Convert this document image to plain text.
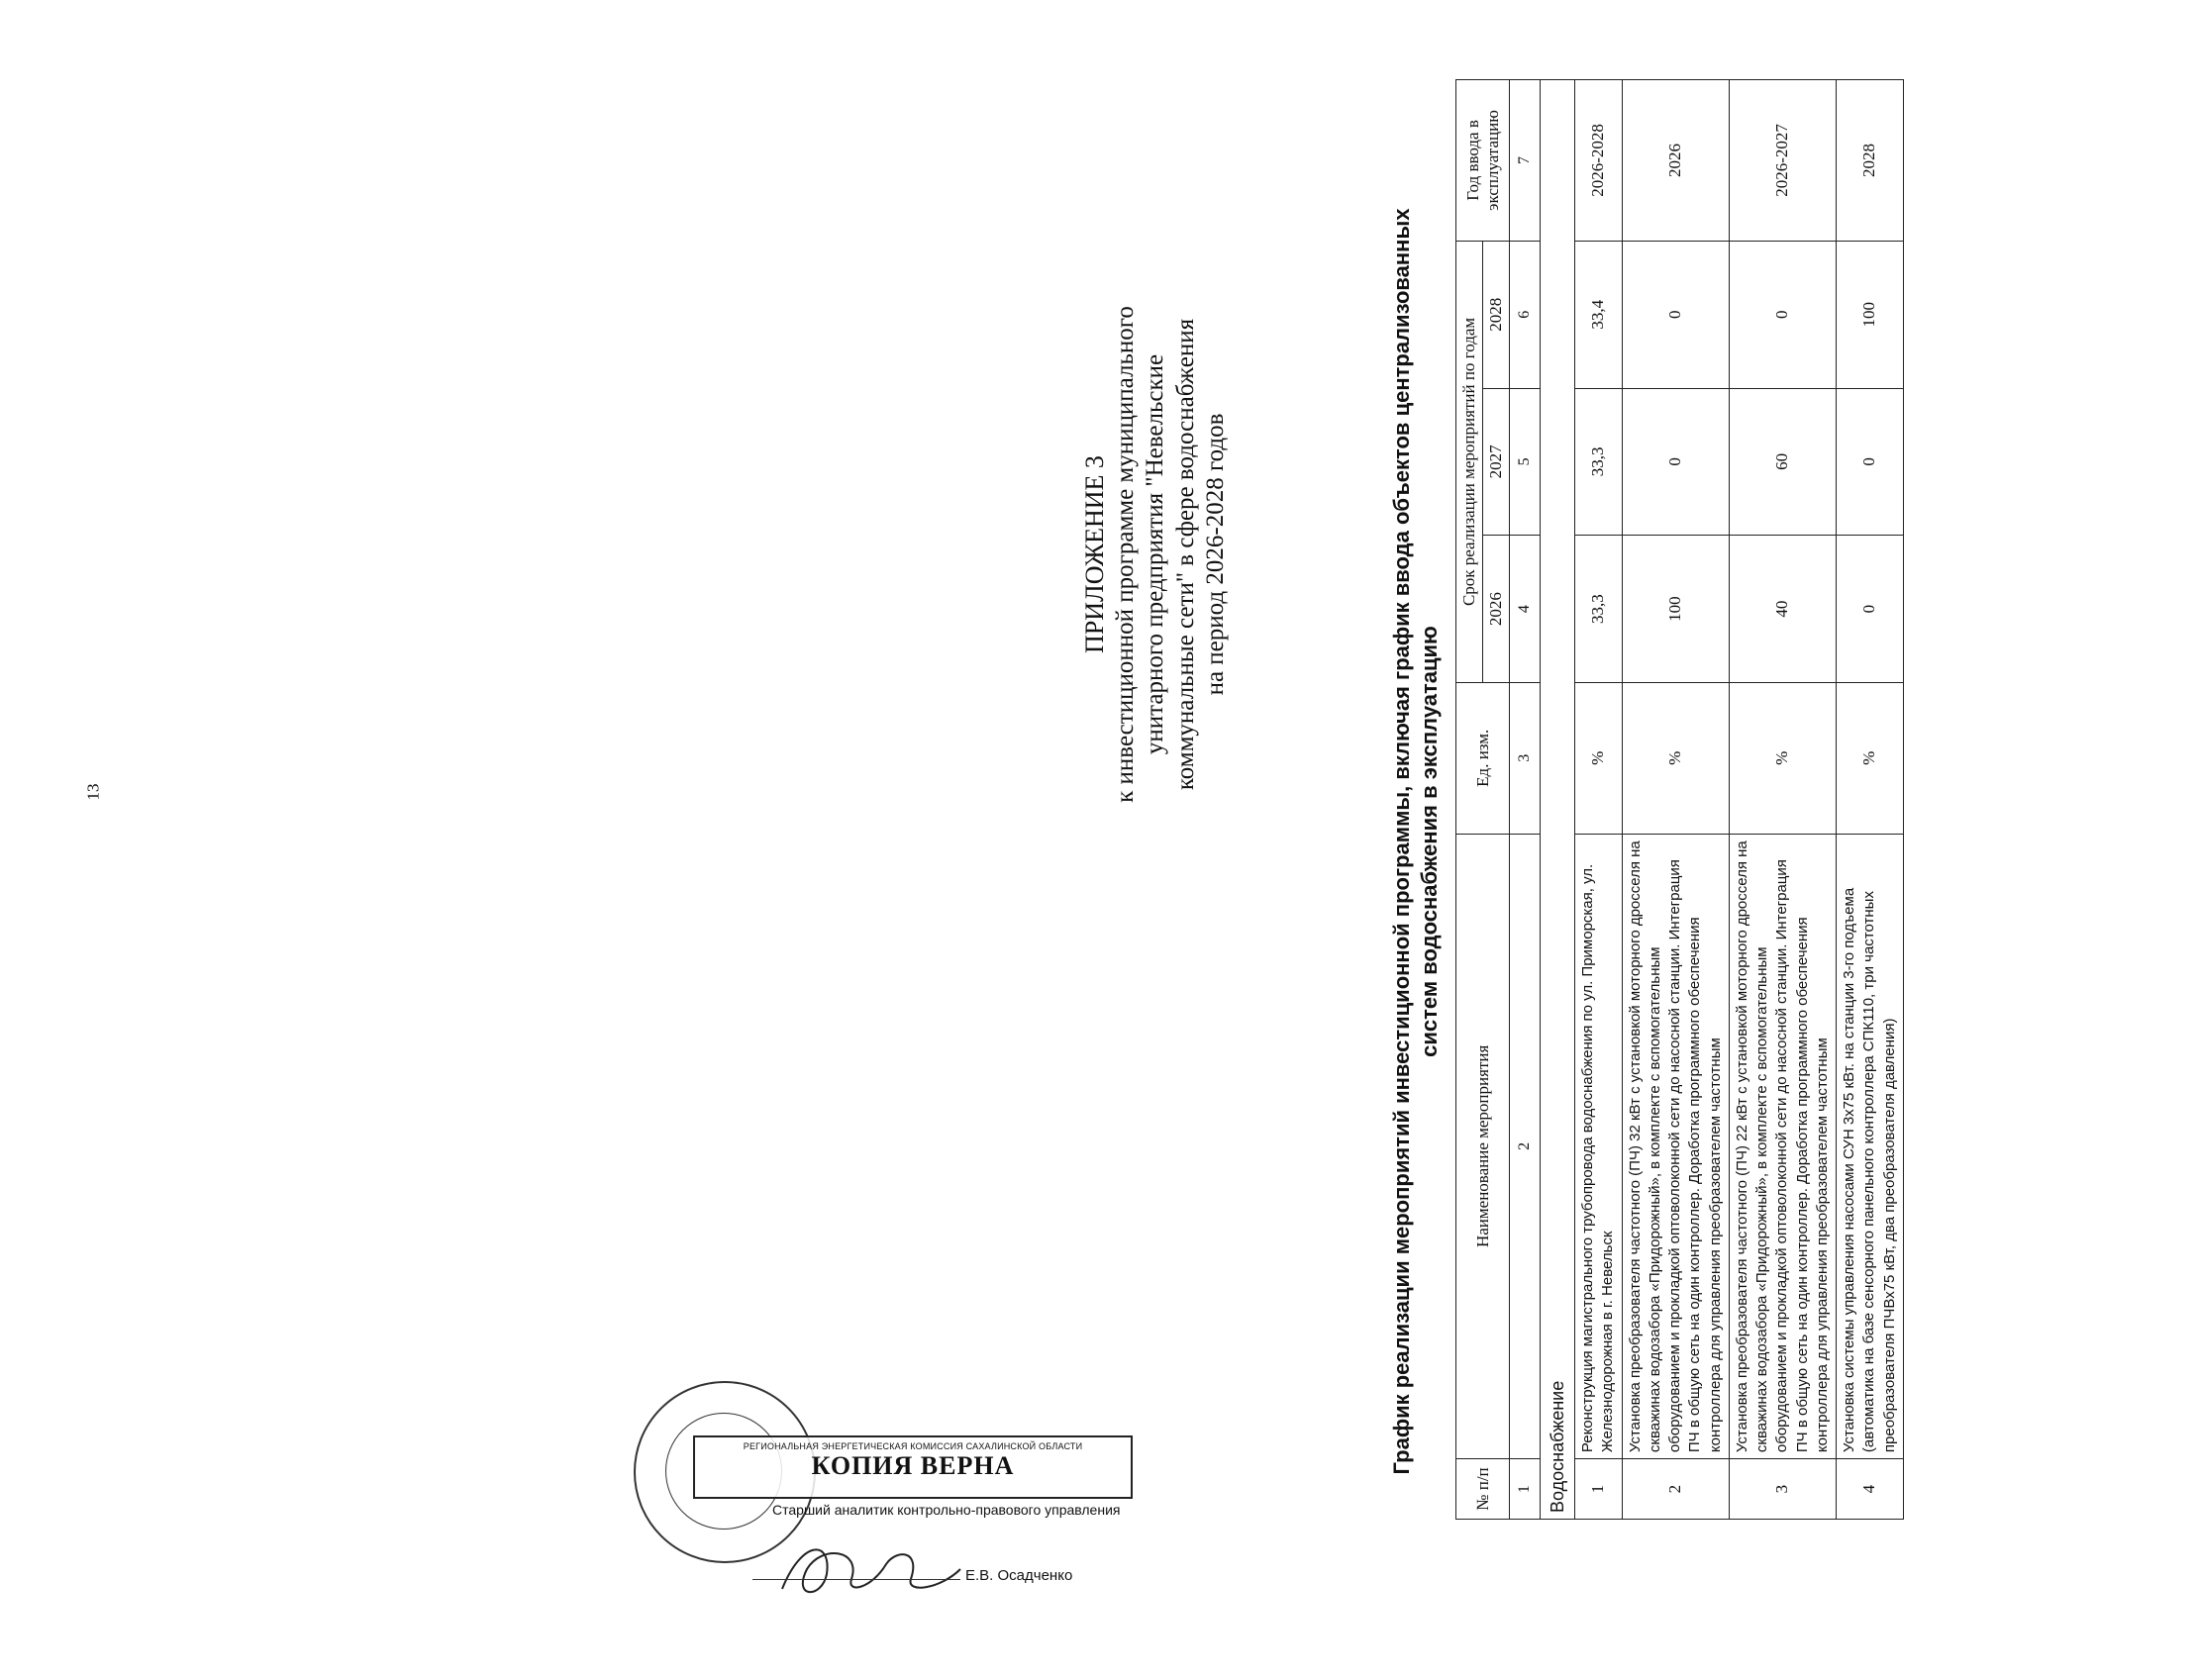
13
ПРИЛОЖЕНИЕ 3 к инвестиционной программе муниципального унитарного предприятия "Невельские коммунальные сети" в сфере водоснабжения на период 2026-2028 годов	График реализации мероприятий инвестиционной программы, включая график ввода объектов централизованных систем водоснабжения в эксплуатацию
№ п/п	Наименование мероприятия	Ед. изм.	Срок реализации мероприятий по годам			Год ввода в эксплуатацию
			2026	2027	2028	
1	2	3	4	5	6	7
Водоснабжение						
1	Реконструкция магистрального трубопровода водоснабжения по ул. Приморская, ул. Железнодорожная в г. Невельск	%	33,3	33,3	33,4	2026-2028
2	Установка преобразователя частотного (ПЧ) 32 кВт с установкой моторного дросселя на скважинах водозабора «Придорожный», в комплекте с вспомогательным оборудованием и прокладкой оптоволоконной сети до насосной станции. Интеграция ПЧ в общую сеть на один контроллер. Доработка программного обеспечения контроллера для управления преобразователем частотным	%	100	0	0	2026
3	Установка преобразователя частотного (ПЧ) 22 кВт с установкой моторного дросселя на скважинах водозабора «Придорожный», в комплекте с вспомогательным оборудованием и прокладкой оптоволоконной сети до насосной станции. Интеграция ПЧ в общую сеть на один контроллер. Доработка программного обеспечения контроллера для управления преобразователем частотным	%	40	60	0	2026-2027
4	Установка системы управления насосами СУН 3х75 кВт. на станции 3-го подъема (автоматика на базе сенсорного панельного контроллера СПК110, три частотных преобразователя ПЧВх75 кВт, два преобразователя давления)	%	0	0	100	2028
РЕГИОНАЛЬНАЯ ЭНЕРГЕТИЧЕСКАЯ КОМИССИЯ САХАЛИНСКОЙ ОБЛАСТИ
КОПИЯ ВЕРНА
Старший аналитик контрольно-правового управления
Е.В. Осадченко
